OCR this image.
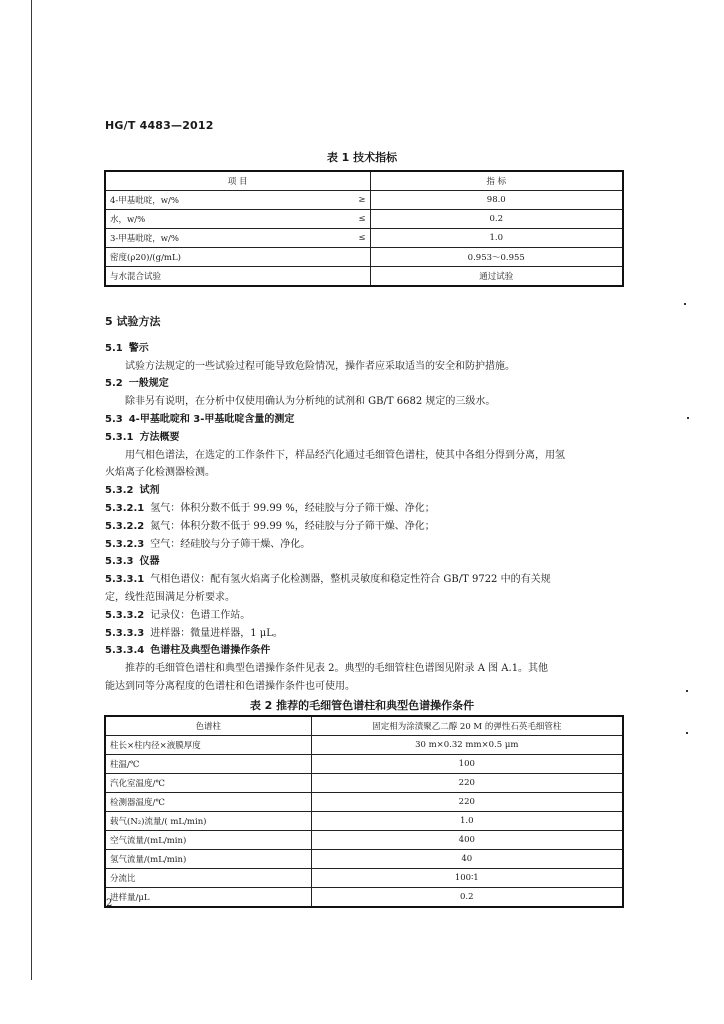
HG/T 4483—2012
表 1 技术指标
项 目	指 标

4-甲基吡啶，w/% ≥	98.0

水，w/% ≤	0.2

3-甲基吡啶，w/% ≤	1.0

密度(ρ20)/(g/mL)	0.953～0.955

与水混合试验	通过试验
5 试验方法
5.1 警示
试验方法规定的一些试验过程可能导致危险情况，操作者应采取适当的安全和防护措施。
5.2 一般规定
除非另有说明，在分析中仅使用确认为分析纯的试剂和 GB/T 6682 规定的三级水。
5.3 4-甲基吡啶和 3-甲基吡啶含量的测定
5.3.1 方法概要
用气相色谱法，在选定的工作条件下，样品经汽化通过毛细管色谱柱，使其中各组分得到分离，用氢
火焰离子化检测器检测。
5.3.2 试剂
5.3.2.1 氢气：体积分数不低于 99.99 %，经硅胶与分子筛干燥、净化；
5.3.2.2 氮气：体积分数不低于 99.99 %，经硅胶与分子筛干燥、净化；
5.3.2.3 空气：经硅胶与分子筛干燥、净化。
5.3.3 仪器
5.3.3.1 气相色谱仪：配有氢火焰离子化检测器，整机灵敏度和稳定性符合 GB/T 9722 中的有关规
定，线性范围满足分析要求。
5.3.3.2 记录仪：色谱工作站。
5.3.3.3 进样器：微量进样器，1 μL。
5.3.3.4 色谱柱及典型色谱操作条件
推荐的毛细管色谱柱和典型色谱操作条件见表 2。典型的毛细管柱色谱图见附录 A 图 A.1。其他
能达到同等分离程度的色谱柱和色谱操作条件也可使用。
表 2 推荐的毛细管色谱柱和典型色谱操作条件
色谱柱	固定相为涂渍聚乙二醇 20 M 的弹性石英毛细管柱
柱长×柱内径×液膜厚度	30 m×0.32 mm×0.5 μm
柱温/℃	100
汽化室温度/℃	220
检测器温度/℃	220
载气(N₂)流量/( mL/min)	1.0
空气流量/(mL/min)	400
氢气流量/(mL/min)	40
分流比	100∶1
进样量/μL	0.2
2
